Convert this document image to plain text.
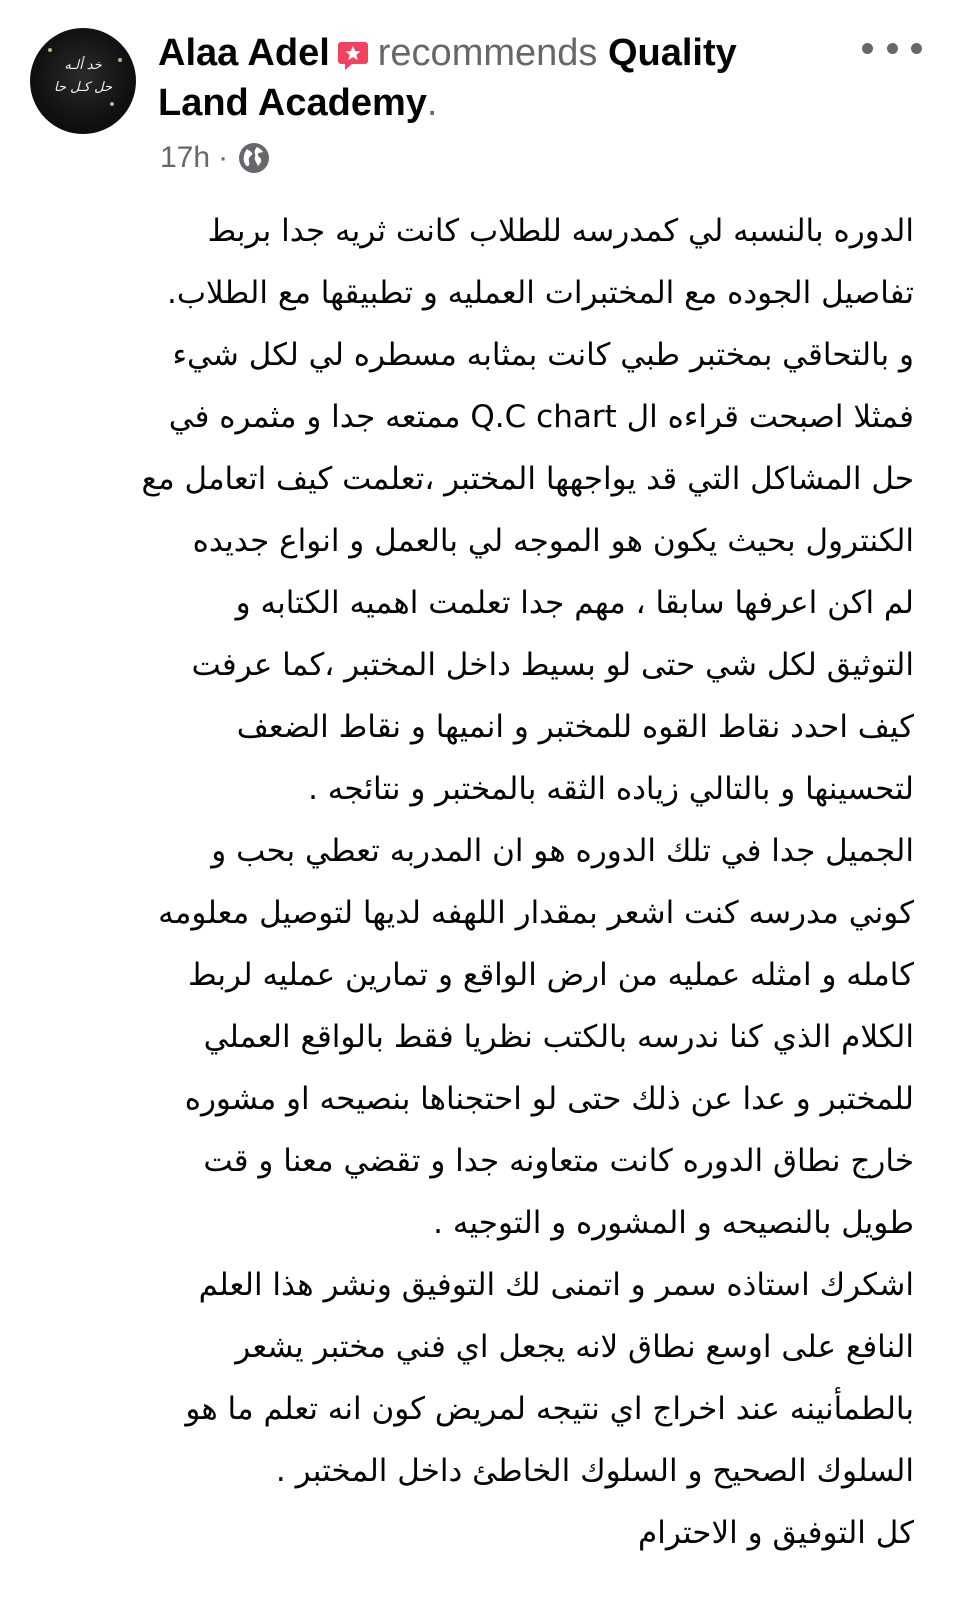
خد ألـه
حل كـل حا
Alaa Adel recommends Quality
Land Academy.
17h ·
الدوره بالنسبه لي كمدرسه للطلاب كانت ثريه جدا بربط
تفاصيل الجوده مع المختبرات العمليه و تطبيقها مع الطلاب.
و بالتحاقي بمختبر طبي كانت بمثابه مسطره لي لكل شيء
فمثلا اصبحت قراءه ال Q.C chart ممتعه جدا و مثمره في
حل المشاكل التي قد يواجهها المختبر ،تعلمت كيف اتعامل مع
الكنترول بحيث يكون هو الموجه لي بالعمل و انواع جديده
لم اكن اعرفها سابقا ، مهم جدا تعلمت اهميه الكتابه و
التوثيق لكل شي حتى لو بسيط داخل المختبر ،كما عرفت
كيف احدد نقاط القوه للمختبر و انميها و نقاط الضعف
لتحسينها و بالتالي زياده الثقه بالمختبر و نتائجه .
الجميل جدا في تلك الدوره هو ان المدربه تعطي بحب و
كوني مدرسه كنت اشعر بمقدار اللهفه لديها لتوصيل معلومه
كامله و امثله عمليه من ارض الواقع و تمارين عمليه لربط
الكلام الذي كنا ندرسه بالكتب نظريا فقط بالواقع العملي
للمختبر و عدا عن ذلك حتى لو احتجناها بنصيحه او مشوره
خارج نطاق الدوره كانت متعاونه جدا و تقضي معنا و قت
طويل بالنصيحه و المشوره و التوجيه .
اشكرك استاذه سمر و اتمنى لك التوفيق ونشر هذا العلم
النافع على اوسع نطاق لانه يجعل اي فني مختبر يشعر
بالطمأنينه عند اخراج اي نتيجه لمريض كون انه تعلم ما هو
السلوك الصحيح و السلوك الخاطئ داخل المختبر .
كل التوفيق و الاحترام
